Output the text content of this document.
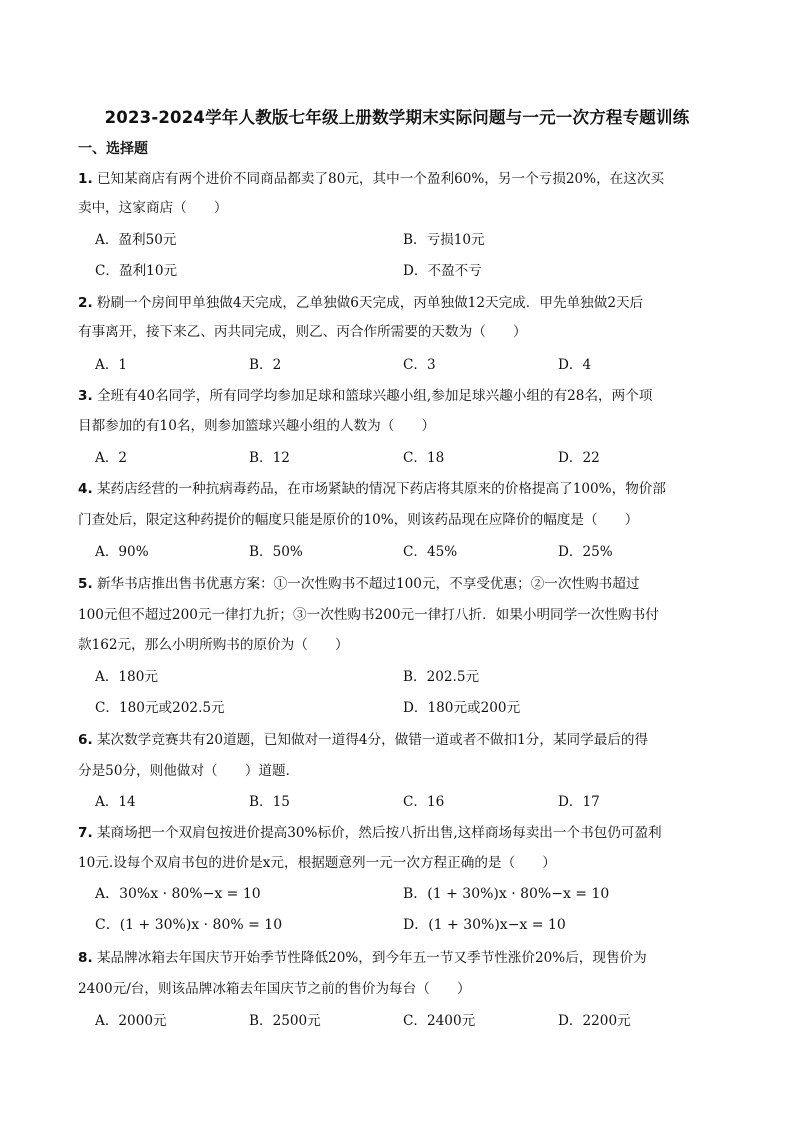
2023-2024学年人教版七年级上册数学期末实际问题与一元一次方程专题训练
一、选择题
1. 已知某商店有两个进价不同商品都卖了80元，其中一个盈利60%，另一个亏损20%，在这次买
卖中，这家商店（　　）
A．盈利50元	B．亏损10元
C．盈利10元	D．不盈不亏
2. 粉刷一个房间甲单独做4天完成，乙单独做6天完成，丙单独做12天完成．甲先单独做2天后
有事离开，接下来乙、丙共同完成，则乙、丙合作所需要的天数为（　　）
A．1	B．2	C．3	D．4
3. 全班有40名同学，所有同学均参加足球和篮球兴趣小组,参加足球兴趣小组的有28名，两个项
目都参加的有10名，则参加篮球兴趣小组的人数为（　　）
A．2	B．12	C．18	D．22
4. 某药店经营的一种抗病毒药品，在市场紧缺的情况下药店将其原来的价格提高了100%，物价部
门查处后，限定这种药提价的幅度只能是原价的10%，则该药品现在应降价的幅度是（　　）
A．90%	B．50%	C．45%	D．25%
5. 新华书店推出售书优惠方案：①一次性购书不超过100元，不享受优惠；②一次性购书超过
100元但不超过200元一律打九折；③一次性购书200元一律打八折．如果小明同学一次性购书付
款162元，那么小明所购书的原价为（　　）
A．180元	B．202.5元
C．180元或202.5元	D．180元或200元
6. 某次数学竞赛共有20道题，已知做对一道得4分，做错一道或者不做扣1分，某同学最后的得
分是50分，则他做对（　　）道题．
A．14	B．15	C．16	D．17
7. 某商场把一个双肩包按进价提高30%标价，然后按八折出售,这样商场每卖出一个书包仍可盈利
10元.设每个双肩书包的进价是x元，根据题意列一元一次方程正确的是（　　）
A．30%x · 80%−x = 10	B．(1 + 30%)x · 80%−x = 10
C．(1 + 30%)x · 80% = 10	D．(1 + 30%)x−x = 10
8. 某品牌冰箱去年国庆节开始季节性降低20%，到今年五一节又季节性涨价20%后，现售价为
2400元/台，则该品牌冰箱去年国庆节之前的售价为每台（　　）
A．2000元	B．2500元	C．2400元	D．2200元
